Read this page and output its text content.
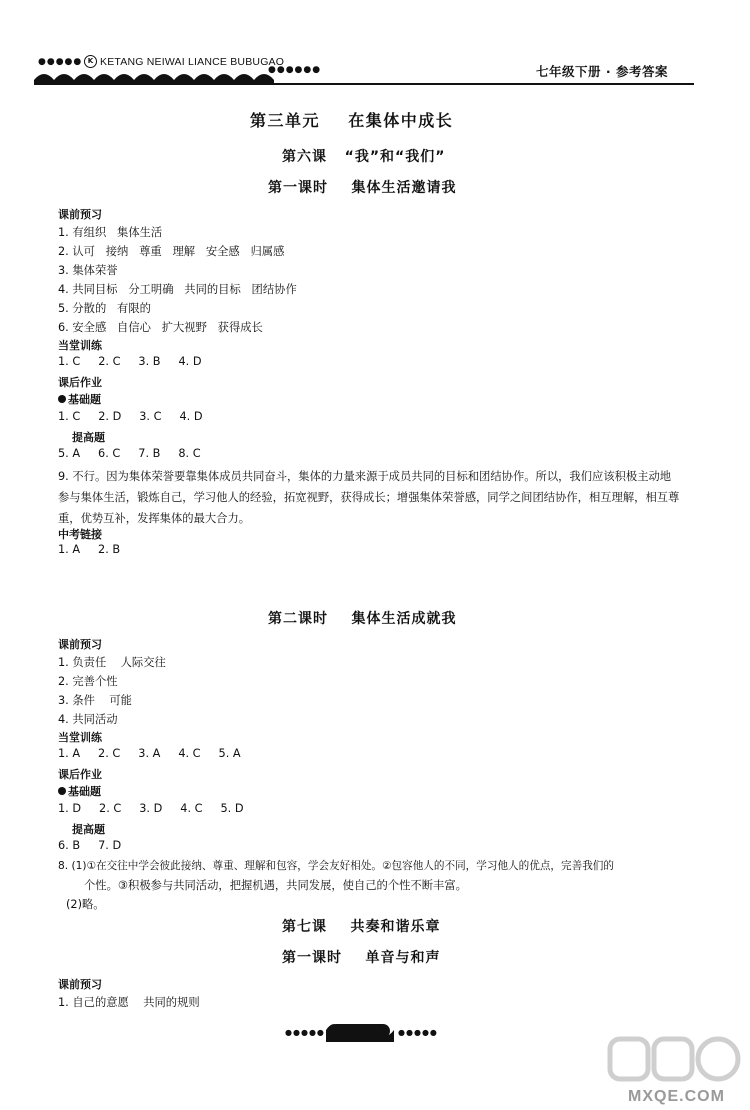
●●●●● K KETANG NEIWAI LIANCE BUBUGAO
●●●●●●	七年级下册 · 参考答案
第三单元    在集体中成长
第六课   “我”和“我们”
第一课时    集体生活邀请我
课前预习
1. 有组织   集体生活
2. 认可   接纳   尊重   理解   安全感   归属感
3. 集体荣誉
4. 共同目标   分工明确   共同的目标   团结协作
5. 分散的   有限的
6. 安全感   自信心   扩大视野   获得成长
当堂训练
1. C     2. C     3. B     4. D
课后作业
基础题
1. C     2. D     3. C     4. D
提高题
5. A     6. C     7. B     8. C
9. 不行。因为集体荣誉要靠集体成员共同奋斗，集体的力量来源于成员共同的目标和团结协作。所以，我们应该积极主动地参与集体生活，锻炼自己，学习他人的经验，拓宽视野，获得成长；增强集体荣誉感，同学之间团结协作，相互理解，相互尊重，优势互补，发挥集体的最大合力。
中考链接
1. A     2. B
第二课时    集体生活成就我
课前预习
1. 负责任    人际交往
2. 完善个性
3. 条件    可能
4. 共同活动
当堂训练
1. A     2. C     3. A     4. C     5. A
课后作业
基础题
1. D     2. C     3. D     4. C     5. D
提高题
6. B     7. D
8. (1)①在交往中学会彼此接纳、尊重、理解和包容，学会友好相处。②包容他人的不同，学习他人的优点，完善我们的
个性。③积极参与共同活动，把握机遇，共同发展，使自己的个性不断丰富。
(2)略。
第七课    共奏和谐乐章
第一课时    单音与和声
课前预习
1. 自己的意愿    共同的规则
●●●●●	●●●●●
MXQE.COM
